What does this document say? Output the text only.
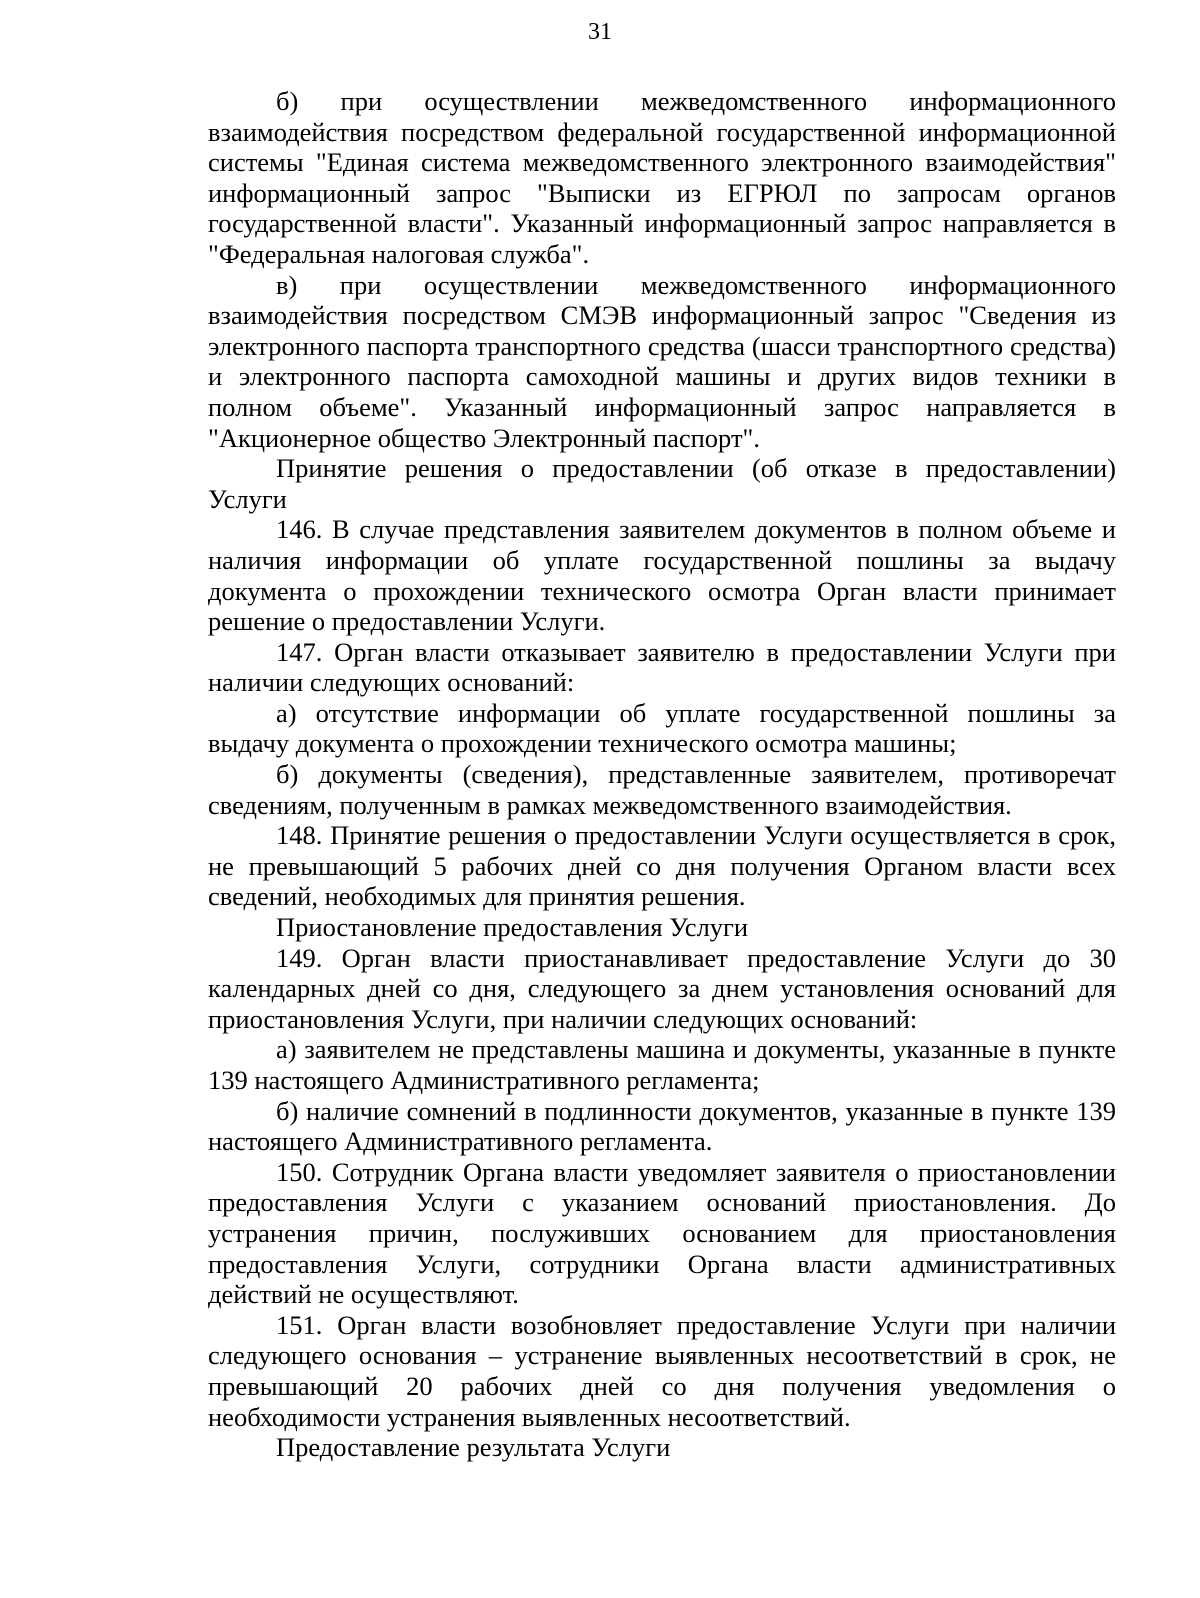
31

б) при осуществлении межведомственного информационного взаимодействия посредством федеральной государственной информационной системы "Единая система межведомственного электронного взаимодействия" информационный запрос "Выписки из ЕГРЮЛ по запросам органов государственной власти". Указанный информационный запрос направляется в "Федеральная налоговая служба".

в) при осуществлении межведомственного информационного взаимодействия посредством СМЭВ информационный запрос "Сведения из электронного паспорта транспортного средства (шасси транспортного средства) и электронного паспорта самоходной машины и других видов техники в полном объеме". Указанный информационный запрос направляется в "Акционерное общество Электронный паспорт".

Принятие решения о предоставлении (об отказе в предоставлении) Услуги

146. В случае представления заявителем документов в полном объеме и наличия информации об уплате государственной пошлины за выдачу документа о прохождении технического осмотра Орган власти принимает решение о предоставлении Услуги.

147. Орган власти отказывает заявителю в предоставлении Услуги при наличии следующих оснований:

а) отсутствие информации об уплате государственной пошлины за выдачу документа о прохождении технического осмотра машины;

б) документы (сведения), представленные заявителем, противоречат сведениям, полученным в рамках межведомственного взаимодействия.

148. Принятие решения о предоставлении Услуги осуществляется в срок, не превышающий 5 рабочих дней со дня получения Органом власти всех сведений, необходимых для принятия решения.

Приостановление предоставления Услуги

149. Орган власти приостанавливает предоставление Услуги до 30 календарных дней со дня, следующего за днем установления оснований для приостановления Услуги, при наличии следующих оснований:

а) заявителем не представлены машина и документы, указанные в пункте 139 настоящего Административного регламента;

б) наличие сомнений в подлинности документов, указанные в пункте 139 настоящего Административного регламента.

150. Сотрудник Органа власти уведомляет заявителя о приостановлении предоставления Услуги с указанием оснований приостановления. До устранения причин, послуживших основанием для приостановления предоставления Услуги, сотрудники Органа власти административных действий не осуществляют.

151. Орган власти возобновляет предоставление Услуги при наличии следующего основания – устранение выявленных несоответствий в срок, не превышающий 20 рабочих дней со дня получения уведомления о необходимости устранения выявленных несоответствий.

Предоставление результата Услуги
